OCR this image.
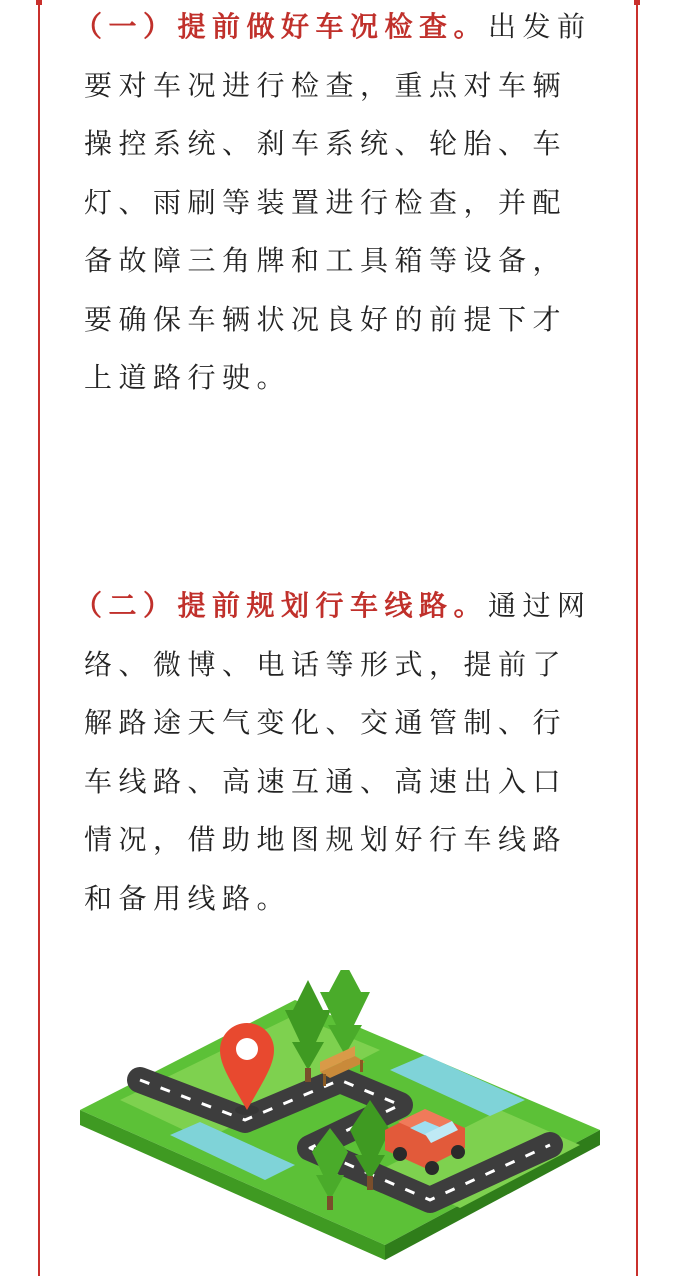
（一）提前做好车况检查。出发前要对车况进行检查，重点对车辆操控系统、刹车系统、轮胎、车灯、雨刷等装置进行检查，并配备故障三角牌和工具箱等设备，要确保车辆状况良好的前提下才上道路行驶。

（二）提前规划行车线路。通过网络、微博、电话等形式，提前了解路途天气变化、交通管制、行车线路、高速互通、高速出入口情况，借助地图规划好行车线路和备用线路。
